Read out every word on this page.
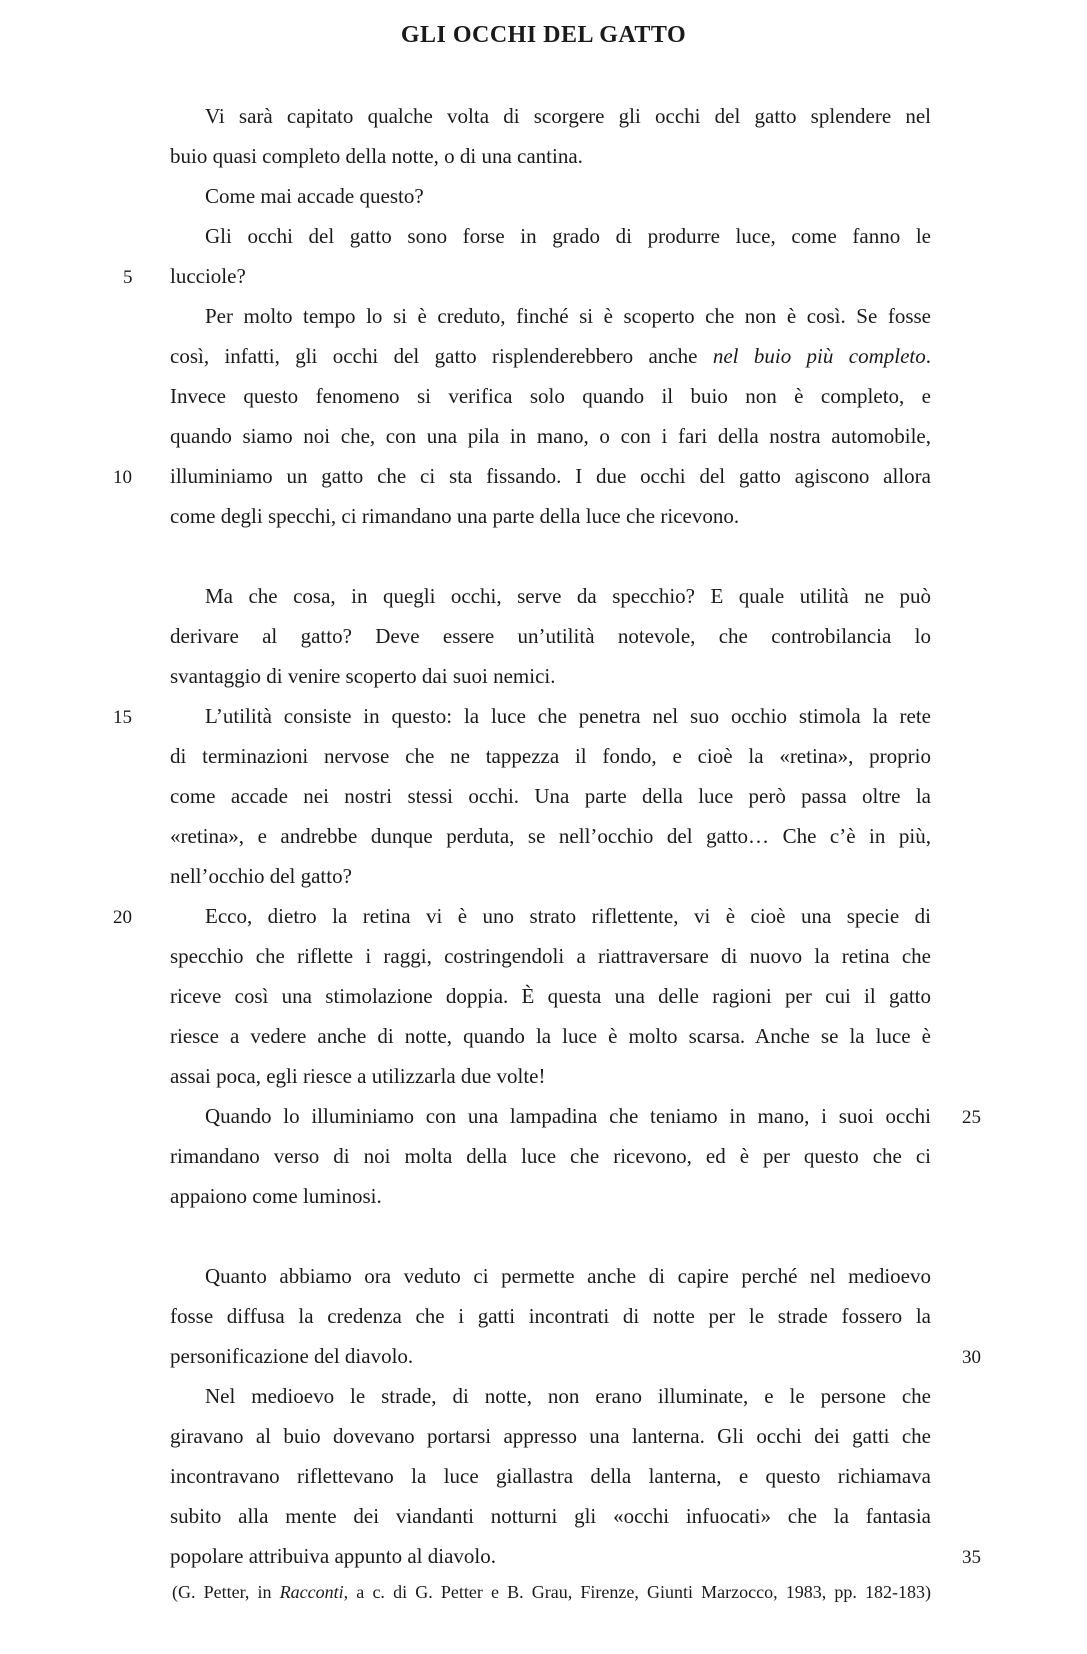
GLI OCCHI DEL GATTO
Vi sarà capitato qualche volta di scorgere gli occhi del gatto splendere nel
buio quasi completo della notte, o di una cantina.
Come mai accade questo?
Gli occhi del gatto sono forse in grado di produrre luce, come fanno le
lucciole?
Per molto tempo lo si è creduto, finché si è scoperto che non è così. Se fosse
così, infatti, gli occhi del gatto risplenderebbero anche nel buio più completo.
Invece questo fenomeno si verifica solo quando il buio non è completo, e
quando siamo noi che, con una pila in mano, o con i fari della nostra automobile,
illuminiamo un gatto che ci sta fissando. I due occhi del gatto agiscono allora
come degli specchi, ci rimandano una parte della luce che ricevono.
Ma che cosa, in quegli occhi, serve da specchio? E quale utilità ne può
derivare al gatto? Deve essere un’utilità notevole, che controbilancia lo
svantaggio di venire scoperto dai suoi nemici.
L’utilità consiste in questo: la luce che penetra nel suo occhio stimola la rete
di terminazioni nervose che ne tappezza il fondo, e cioè la «retina», proprio
come accade nei nostri stessi occhi. Una parte della luce però passa oltre la
«retina», e andrebbe dunque perduta, se nell’occhio del gatto… Che c’è in più,
nell’occhio del gatto?
Ecco, dietro la retina vi è uno strato riflettente, vi è cioè una specie di
specchio che riflette i raggi, costringendoli a riattraversare di nuovo la retina che
riceve così una stimolazione doppia. È questa una delle ragioni per cui il gatto
riesce a vedere anche di notte, quando la luce è molto scarsa. Anche se la luce è
assai poca, egli riesce a utilizzarla due volte!
Quando lo illuminiamo con una lampadina che teniamo in mano, i suoi occhi
rimandano verso di noi molta della luce che ricevono, ed è per questo che ci
appaiono come luminosi.
Quanto abbiamo ora veduto ci permette anche di capire perché nel medioevo
fosse diffusa la credenza che i gatti incontrati di notte per le strade fossero la
personificazione del diavolo.
Nel medioevo le strade, di notte, non erano illuminate, e le persone che
giravano al buio dovevano portarsi appresso una lanterna. Gli occhi dei gatti che
incontravano riflettevano la luce giallastra della lanterna, e questo richiamava
subito alla mente dei viandanti notturni gli «occhi infuocati» che la fantasia
popolare attribuiva appunto al diavolo.
5
10
15
20
25
30
35
(G. Petter, in Racconti, a c. di G. Petter e B. Grau, Firenze, Giunti Marzocco, 1983, pp. 182-183)
